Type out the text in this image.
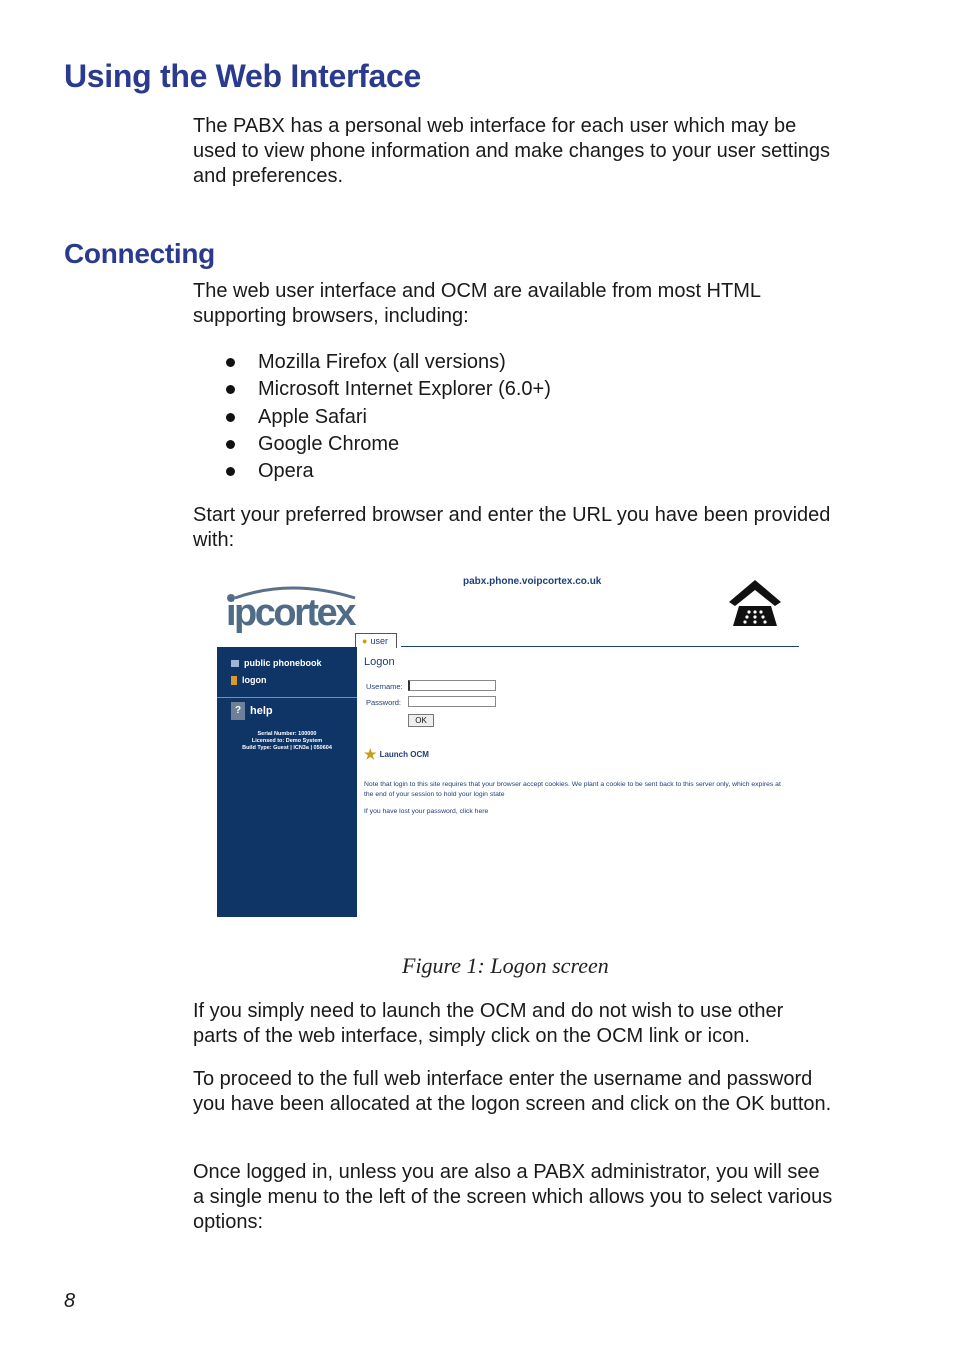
Using the Web Interface

The PABX has a personal web interface for each user which may be used to view phone information and make changes to your user settings and preferences.

Connecting

The web user interface and OCM are available from most HTML supporting browsers, including:

Mozilla Firefox (all versions)
Microsoft Internet Explorer (6.0+)
Apple Safari
Google Chrome
Opera

Start your preferred browser and enter the URL you have been provided with:

ipcortex
pabx.phone.voipcortex.co.uk
● user
public phonebook
logon
? help
Serial Number: 100000
Licensed to: Demo System
Build Type: Guest | ICN3a | 050604
Logon
Username:
Password:
OK
★ Launch OCM
Note that login to this site requires that your browser accept cookies. We plant a cookie to be sent back to this server only, which expires at the end of your session to hold your login state
If you have lost your password, click here

Figure 1: Logon screen

If you simply need to launch the OCM and do not wish to use other parts of the web interface, simply click on the OCM link or icon.

To proceed to the full web interface enter the username and password you have been allocated at the logon screen and click on the OK button.

Once logged in, unless you are also a PABX administrator, you will see a single menu to the left of the screen which allows you to select various options:

8
